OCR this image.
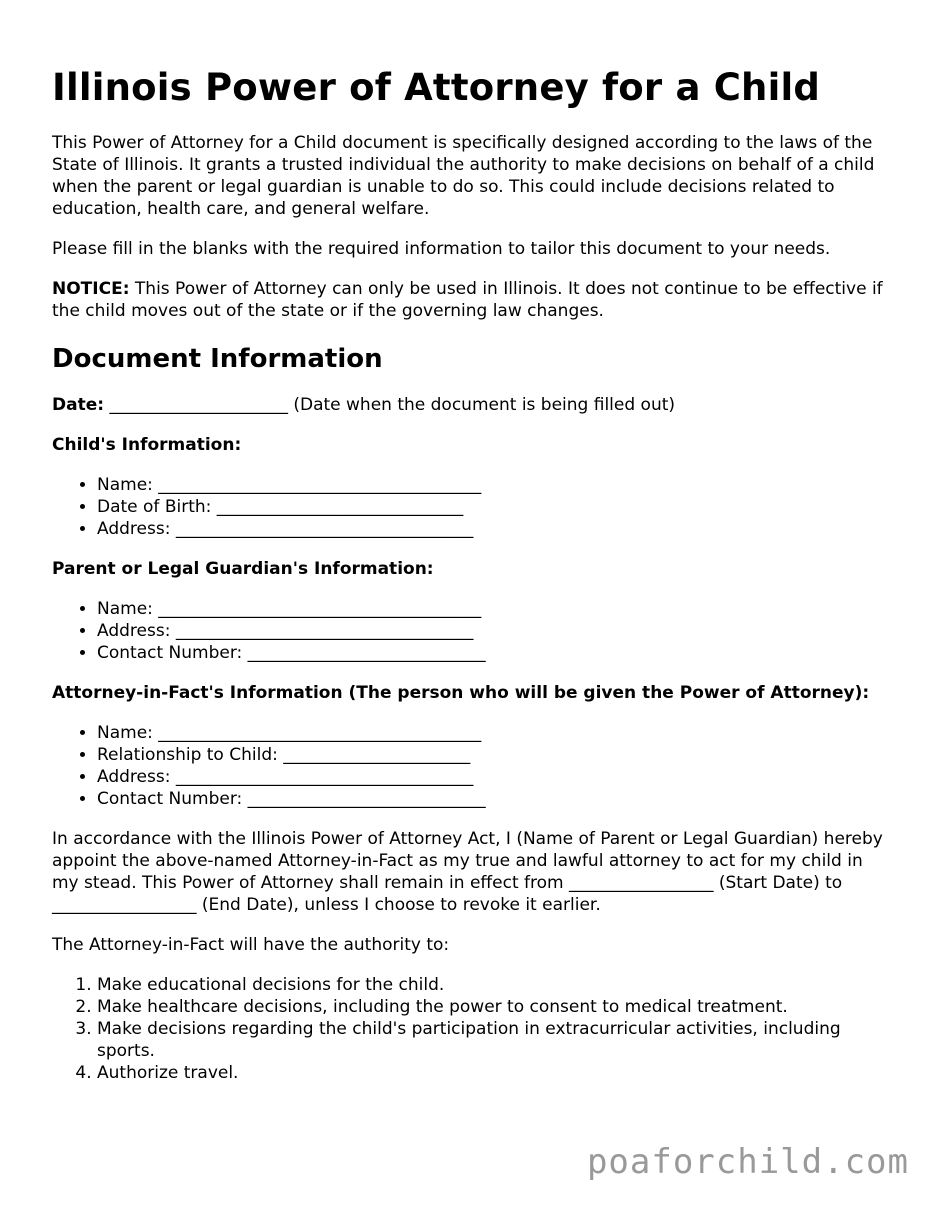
Illinois Power of Attorney for a Child

This Power of Attorney for a Child document is specifically designed according to the laws of the State of Illinois. It grants a trusted individual the authority to make decisions on behalf of a child when the parent or legal guardian is unable to do so. This could include decisions related to education, health care, and general welfare.

Please fill in the blanks with the required information to tailor this document to your needs.

NOTICE: This Power of Attorney can only be used in Illinois. It does not continue to be effective if the child moves out of the state or if the governing law changes.

Document Information

Date: _____________________ (Date when the document is being filled out)

Child's Information:
• Name: ______________________________________
• Date of Birth: _____________________________
• Address: ___________________________________
Parent or Legal Guardian's Information:
• Name: ______________________________________
• Address: ___________________________________
• Contact Number: ____________________________
Attorney-in-Fact's Information (The person who will be given the Power of Attorney):
• Name: ______________________________________
• Relationship to Child: ______________________
• Address: ___________________________________
• Contact Number: ____________________________

In accordance with the Illinois Power of Attorney Act, I (Name of Parent or Legal Guardian) hereby appoint the above-named Attorney-in-Fact as my true and lawful attorney to act for my child in my stead. This Power of Attorney shall remain in effect from _________________ (Start Date) to _________________ (End Date), unless I choose to revoke it earlier.

The Attorney-in-Fact will have the authority to:

1. Make educational decisions for the child.
2. Make healthcare decisions, including the power to consent to medical treatment.
3. Make decisions regarding the child's participation in extracurricular activities, including sports.
4. Authorize travel.
poaforchild.com
